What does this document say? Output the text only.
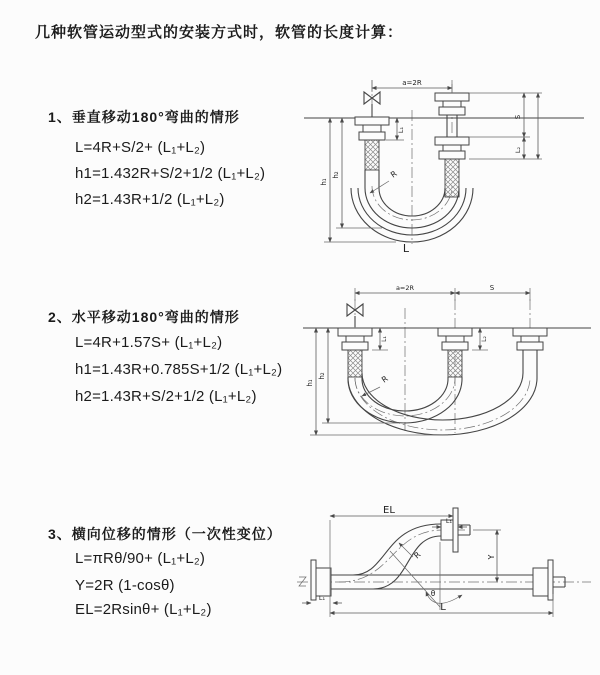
几种软管运动型式的安装方式时，软管的长度计算：
1、垂直移动180°弯曲的情形
L=4R+S/2+ (L₁+L₂)
h1=1.432R+S/2+1/2 (L₁+L₂)
h2=1.43R+1/2 (L₁+L₂)
a=2R
h₁
h₂
L₁
S
L₂
R
L
2、水平移动180°弯曲的情形
L=4R+1.57S+ (L₁+L₂)
h1=1.43R+0.785S+1/2 (L₁+L₂)
h2=1.43R+S/2+1/2 (L₁+L₂)
a=2R	S
h₁
h₂
L₁	L₂
R
3、横向位移的情形（一次性变位）
L=πRθ/90+ (L₁+L₂)
Y=2R (1-cosθ)
EL=2Rsinθ+ (L₁+L₂)
EL
L₁
Y
R
θ
L
L₁
